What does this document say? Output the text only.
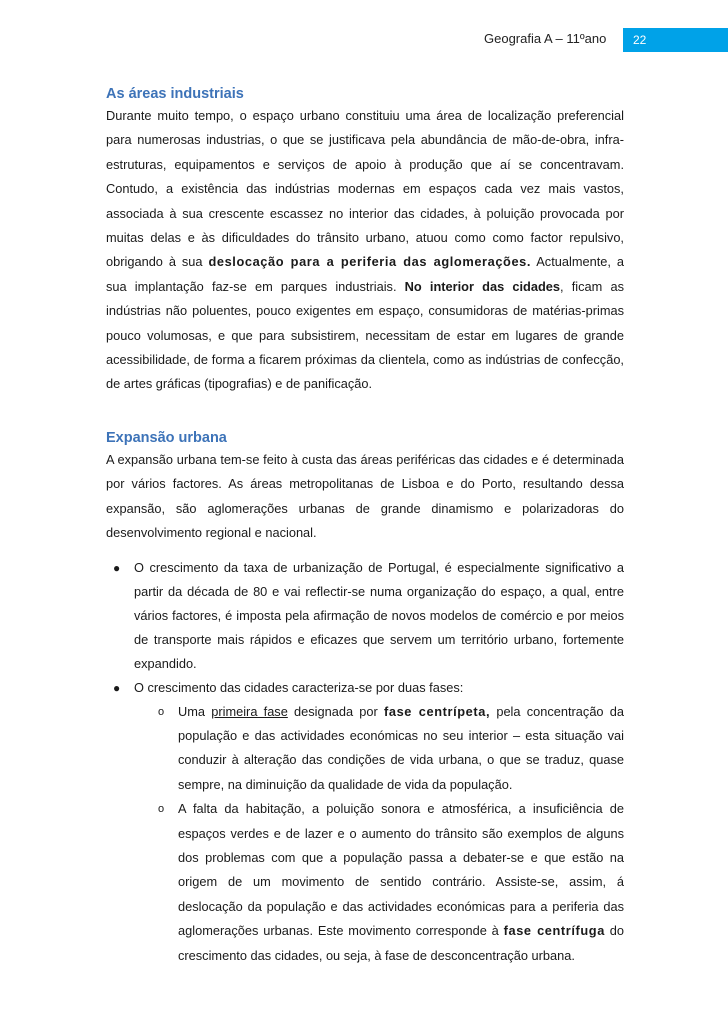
Geografia A – 11ºano	22
As áreas industriais

Durante muito tempo, o espaço urbano constituiu uma área de localização preferencial para numerosas industrias, o que se justificava pela abundância de mão-de-obra, infra-estruturas, equipamentos e serviços de apoio à produção que aí se concentravam. Contudo, a existência das indústrias modernas em espaços cada vez mais vastos, associada à sua crescente escassez no interior das cidades, à poluição provocada por muitas delas e às dificuldades do trânsito urbano, atuou como como factor repulsivo, obrigando à sua deslocação para a periferia das aglomerações. Actualmente, a sua implantação faz-se em parques industriais. No interior das cidades, ficam as indústrias não poluentes, pouco exigentes em espaço, consumidoras de matérias-primas pouco volumosas, e que para subsistirem, necessitam de estar em lugares de grande acessibilidade, de forma a ficarem próximas da clientela, como as indústrias de confecção, de artes gráficas (tipografias) e de panificação.

Expansão urbana

A expansão urbana tem-se feito à custa das áreas periféricas das cidades e é determinada por vários factores. As áreas metropolitanas de Lisboa e do Porto, resultando dessa expansão, são aglomerações urbanas de grande dinamismo e polarizadoras do desenvolvimento regional e nacional.

● O crescimento da taxa de urbanização de Portugal, é especialmente significativo a partir da década de 80 e vai reflectir-se numa organização do espaço, a qual, entre vários factores, é imposta pela afirmação de novos modelos de comércio e por meios de transporte mais rápidos e eficazes que servem um território urbano, fortemente expandido.
● O crescimento das cidades caracteriza-se por duas fases:
o Uma primeira fase designada por fase centrípeta, pela concentração da população e das actividades económicas no seu interior – esta situação vai conduzir à alteração das condições de vida urbana, o que se traduz, quase sempre, na diminuição da qualidade de vida da população.
o A falta da habitação, a poluição sonora e atmosférica, a insuficiência de espaços verdes e de lazer e o aumento do trânsito são exemplos de alguns dos problemas com que a população passa a debater-se e que estão na origem de um movimento de sentido contrário. Assiste-se, assim, á deslocação da população e das actividades económicas para a periferia das aglomerações urbanas. Este movimento corresponde à fase centrífuga do crescimento das cidades, ou seja, à fase de desconcentração urbana.
